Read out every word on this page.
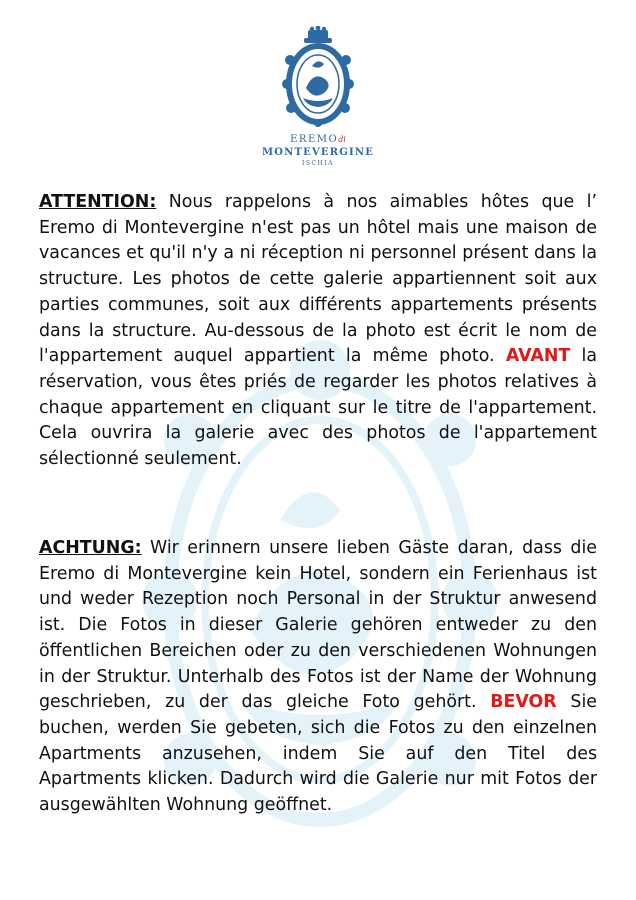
EREMOdi
MONTEVERGINE
ISCHIA

ATTENTION: Nous rappelons à nos aimables hôtes que l’ Eremo di Montevergine n'est pas un hôtel mais une maison de vacances et qu'il n'y a ni réception ni personnel présent dans la structure. Les photos de cette galerie appartiennent soit aux parties communes, soit aux différents appartements présents dans la structure. Au-dessous de la photo est écrit le nom de l'appartement auquel appartient la même photo. AVANT la réservation, vous êtes priés de regarder les photos relatives à chaque appartement en cliquant sur le titre de l'appartement. Cela ouvrira la galerie avec des photos de l'appartement sélectionné seulement.

ACHTUNG: Wir erinnern unsere lieben Gäste daran, dass die Eremo di Montevergine kein Hotel, sondern ein Ferienhaus ist und weder Rezeption noch Personal in der Struktur anwesend ist. Die Fotos in dieser Galerie gehören entweder zu den öffentlichen Bereichen oder zu den verschiedenen Wohnungen in der Struktur. Unterhalb des Fotos ist der Name der Wohnung geschrieben, zu der das gleiche Foto gehört. BEVOR Sie buchen, werden Sie gebeten, sich die Fotos zu den einzelnen Apartments anzusehen, indem Sie auf den Titel des Apartments klicken. Dadurch wird die Galerie nur mit Fotos der ausgewählten Wohnung geöffnet.
